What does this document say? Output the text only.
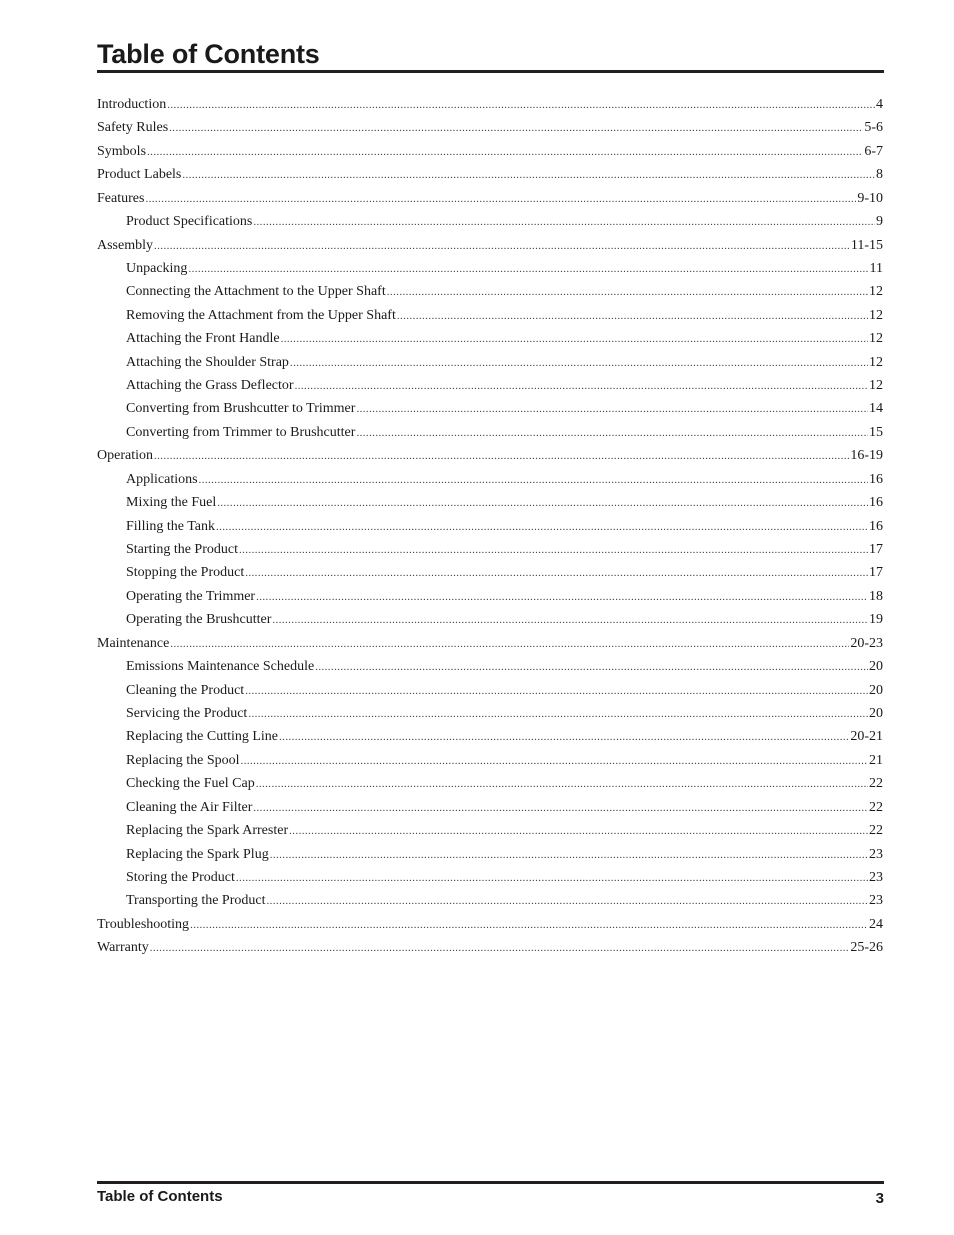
Table of Contents
Introduction .....	4
Safety Rules .....	5-6
Symbols .....	6-7
Product Labels .....	8
Features .....	9-10
Product Specifications .....	9
Assembly .....	11-15
Unpacking .....	11
Connecting the Attachment to the Upper Shaft .....	12
Removing the Attachment from the Upper Shaft .....	12
Attaching the Front Handle .....	12
Attaching the Shoulder Strap .....	12
Attaching the Grass Deflector .....	12
Converting from Brushcutter to Trimmer .....	14
Converting from Trimmer to Brushcutter .....	15
Operation .....	16-19
Applications .....	16
Mixing the Fuel .....	16
Filling the Tank .....	16
Starting the Product .....	17
Stopping the Product .....	17
Operating the Trimmer .....	18
Operating the Brushcutter .....	19
Maintenance .....	20-23
Emissions Maintenance Schedule .....	20
Cleaning the Product .....	20
Servicing the Product .....	20
Replacing the Cutting Line .....	20-21
Replacing the Spool .....	21
Checking the Fuel Cap .....	22
Cleaning the Air Filter .....	22
Replacing the Spark Arrester .....	22
Replacing the Spark Plug .....	23
Storing the Product .....	23
Transporting the Product .....	23
Troubleshooting .....	24
Warranty .....	25-26
Table of Contents	3
